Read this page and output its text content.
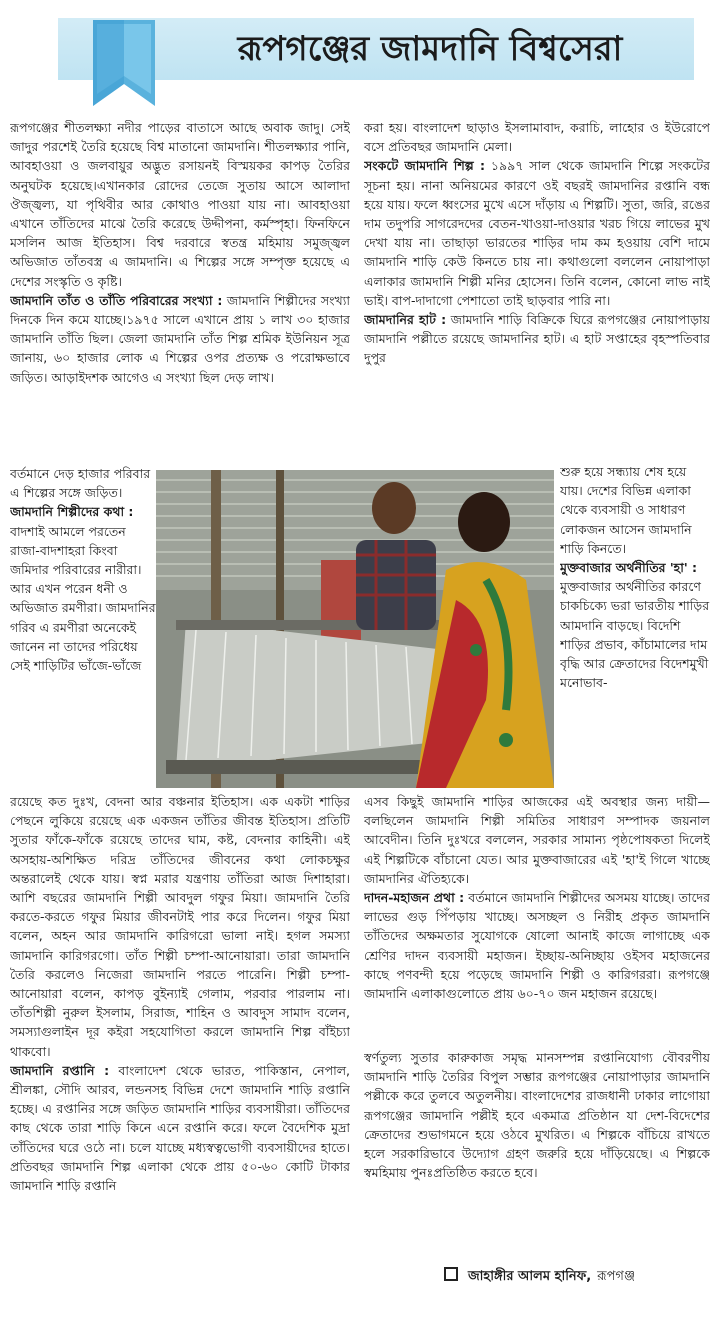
রূপগঞ্জের জামদানি বিশ্বসেরা

রূপগঞ্জের শীতলক্ষ্যা নদীর পাড়ের বাতাসে আছে অবাক জাদু। সেই জাদুর পরশেই তৈরি হয়েছে বিশ্ব মাতানো জামদানি। শীতলক্ষ্যার পানি, আবহাওয়া ও জলবায়ুর অদ্ভুত রসায়নই বিস্ময়কর কাপড় তৈরির অনুঘটক হয়েছে।এখানকার রোদের তেজে সুতায় আসে আলাদা ঔজ্জ্বল্য, যা পৃথিবীর আর কোথাও পাওয়া যায় না। আবহাওয়া এখানে তাঁতিদের মাঝে তৈরি করেছে উদ্দীপনা, কর্মস্পৃহা। ফিনফিনে মসলিন আজ ইতিহাস। বিশ্ব দরবারে স্বতন্ত্র মহিমায় সমুজ্জ্বল অভিজাত তাঁতবস্ত্র এ জামদানি। এ শিল্পের সঙ্গে সম্পৃক্ত হয়েছে এ দেশের সংস্কৃতি ও কৃষ্টি।

জামদানি তাঁত ও তাঁতি পরিবারের সংখ্যা : জামদানি শিল্পীদের সংখ্যা দিনকে দিন কমে যাচ্ছে।১৯৭৫ সালে এখানে প্রায় ১ লাখ ৩০ হাজার জামদানি তাঁতি ছিল। জেলা জামদানি তাঁত শিল্প শ্রমিক ইউনিয়ন সূত্র জানায়, ৬০ হাজার লোক এ শিল্পের ওপর প্রত্যক্ষ ও পরোক্ষভাবে জড়িত। আড়াইদশক আগেও এ সংখ্যা ছিল দেড় লাখ।

বর্তমানে দেড় হাজার পরিবার এ শিল্পের সঙ্গে জড়িত।

জামদানি শিল্পীদের কথা : বাদশাই আমলে পরতেন রাজা-বাদশাহরা কিংবা জমিদার পরিবারের নারীরা। আর এখন পরেন ধনী ও অভিজাত রমণীরা। জামদানির গরিব এ রমণীরা অনেকেই জানেন না তাদের পরিধেয় সেই শাড়িটির ভাঁজে-ভাঁজে

রয়েছে কত দুঃখ, বেদনা আর বঞ্চনার ইতিহাস। এক একটা শাড়ির পেছনে লুকিয়ে রয়েছে এক একজন তাঁতির জীবন্ত ইতিহাস। প্রতিটি সুতার ফাঁকে-ফাঁকে রয়েছে তাদের ঘাম, কষ্ট, বেদনার কাহিনী। এই অসহায়-অশিক্ষিত দরিদ্র তাঁতিদের জীবনের কথা লোকচক্ষুর অন্তরালেই থেকে যায়। স্বপ্ন মরার যন্ত্রণায় তাঁতিরা আজ দিশাহারা। আশি বছরের জামদানি শিল্পী আবদুল গফুর মিয়া। জামদানি তৈরি করতে-করতে গফুর মিয়ার জীবনটাই পার করে দিলেন। গফুর মিয়া বলেন, অহন আর জামদানি কারিগরো ভালা নাই। হগল সমস্যা জামদানি কারিগরগো। তাঁত শিল্পী চম্পা-আনোয়ারা। তারা জামদানি তৈরি করলেও নিজেরা জামদানি পরতে পারেনি। শিল্পী চম্পা-আনোয়ারা বলেন, কাপড় বুইন্যাই গেলাম, পরবার পারলাম না। তাঁতশিল্পী নুরুল ইসলাম, সিরাজ, শাহিন ও আবদুস সামাদ বলেন, সমস্যাগুলাইন দূর কইরা সহযোগিতা করলে জামদানি শিল্প বাঁইচ্যা থাকবো।

জামদানি রপ্তানি : বাংলাদেশ থেকে ভারত, পাকিস্তান, নেপাল, শ্রীলঙ্কা, সৌদি আরব, লন্ডনসহ বিভিন্ন দেশে জামদানি শাড়ি রপ্তানি হচ্ছে। এ রপ্তানির সঙ্গে জড়িত জামদানি শাড়ির ব্যবসায়ীরা। তাঁতিদের কাছ থেকে তারা শাড়ি কিনে এনে রপ্তানি করে। ফলে বৈদেশিক মুদ্রা তাঁতিদের ঘরে ওঠে না। চলে যাচ্ছে মধ্যস্বত্বভোগী ব্যবসায়ীদের হাতে। প্রতিবছর জামদানি শিল্প এলাকা থেকে প্রায় ৫০-৬০ কোটি টাকার জামদানি শাড়ি রপ্তানি

করা হয়। বাংলাদেশ ছাড়াও ইসলামাবাদ, করাচি, লাহোর ও ইউরোপে বসে প্রতিবছর জামদানি মেলা।

সংকটে জামদানি শিল্প : ১৯৯৭ সাল থেকে জামদানি শিল্পে সংকটের সূচনা হয়। নানা অনিয়মের কারণে ওই বছরই জামদানির রপ্তানি বন্ধ হয়ে যায়। ফলে ধ্বংসের মুখে এসে দাঁড়ায় এ শিল্পটি। সুতা, জরি, রঙের দাম তদুপরি সাগরেদদের বেতন-খাওয়া-দাওয়ার খরচ গিয়ে লাভের মুখ দেখা যায় না। তাছাড়া ভারতের শাড়ির দাম কম হওয়ায় বেশি দামে জামদানি শাড়ি কেউ কিনতে চায় না। কথাগুলো বললেন নোয়াপাড়া এলাকার জামদানি শিল্পী মনির হোসেন। তিনি বলেন, কোনো লাভ নাই ভাই। বাপ-দাদাগো পেশাতো তাই ছাড়বার পারি না।

জামদানির হাট : জামদানি শাড়ি বিক্রিকে ঘিরে রূপগঞ্জের নোয়াপাড়ায় জামদানি পল্লীতে রয়েছে জামদানির হাট। এ হাট সপ্তাহের বৃহস্পতিবার দুপুর

শুরু হয়ে সন্ধ্যায় শেষ হয়ে যায়। দেশের বিভিন্ন এলাকা থেকে ব্যবসায়ী ও সাধারণ লোকজন আসেন জামদানি শাড়ি কিনতে।

মুক্তবাজার অর্থনীতির 'হা' : মুক্তবাজার অর্থনীতির কারণে চাকচিক্যে ভরা ভারতীয় শাড়ির আমদানি বাড়ছে। বিদেশি শাড়ির প্রভাব, কাঁচামালের দাম বৃদ্ধি আর ক্রেতাদের বিদেশমুখী মনোভাব-

এসব কিছুই জামদানি শাড়ির আজকের এই অবস্থার জন্য দায়ী—বলছিলেন জামদানি শিল্পী সমিতির সাধারণ সম্পাদক জয়নাল আবেদীন। তিনি দুঃখরে বললেন, সরকার সামান্য পৃষ্ঠপোষকতা দিলেই এই শিল্পটিকে বাঁচানো যেত। আর মুক্তবাজারের এই 'হা'ই গিলে খাচ্ছে জামদানির ঐতিহ্যকে।

দাদন-মহাজন প্রথা : বর্তমানে জামদানি শিল্পীদের অসময় যাচ্ছে। তাদের লাভের গুড় পিঁপড়ায় খাচ্ছে। অসচ্ছল ও নিরীহ প্রকৃত জামদানি তাঁতিদের অক্ষমতার সুযোগকে ষোলো আনাই কাজে লাগাচ্ছে এক শ্রেণির দাদন ব্যবসায়ী মহাজন। ইচ্ছায়-অনিচ্ছায় ওইসব মহাজনের কাছে পণবন্দী হয়ে পড়েছে জামদানি শিল্পী ও কারিগররা। রূপগঞ্জে জামদানি এলাকাগুলোতে প্রায় ৬০-৭০ জন মহাজন রয়েছে।

স্বর্ণতুল্য সুতার কারুকাজ সমৃদ্ধ মানসম্পন্ন রপ্তানিযোগ্য বৌবরণীয় জামদানি শাড়ি তৈরির বিপুল সম্ভার রূপগঞ্জের নোয়াপাড়ার জামদানি পল্লীকে করে তুলবে অতুলনীয়। বাংলাদেশের রাজধানী ঢাকার লাগোয়া রূপগঞ্জের জামদানি পল্লীই হবে একমাত্র প্রতিষ্ঠান যা দেশ-বিদেশের ক্রেতাদের শুভাগমনে হয়ে ওঠবে মুখরিত। এ শিল্পকে বাঁচিয়ে রাখতে হলে সরকারিভাবে উদ্যোগ গ্রহণ জরুরি হয়ে দাঁড়িয়েছে। এ শিল্পকে স্বমহিমায় পুনঃপ্রতিষ্ঠিত করতে হবে।

জাহাঙ্গীর আলম হানিফ, রূপগঞ্জ
